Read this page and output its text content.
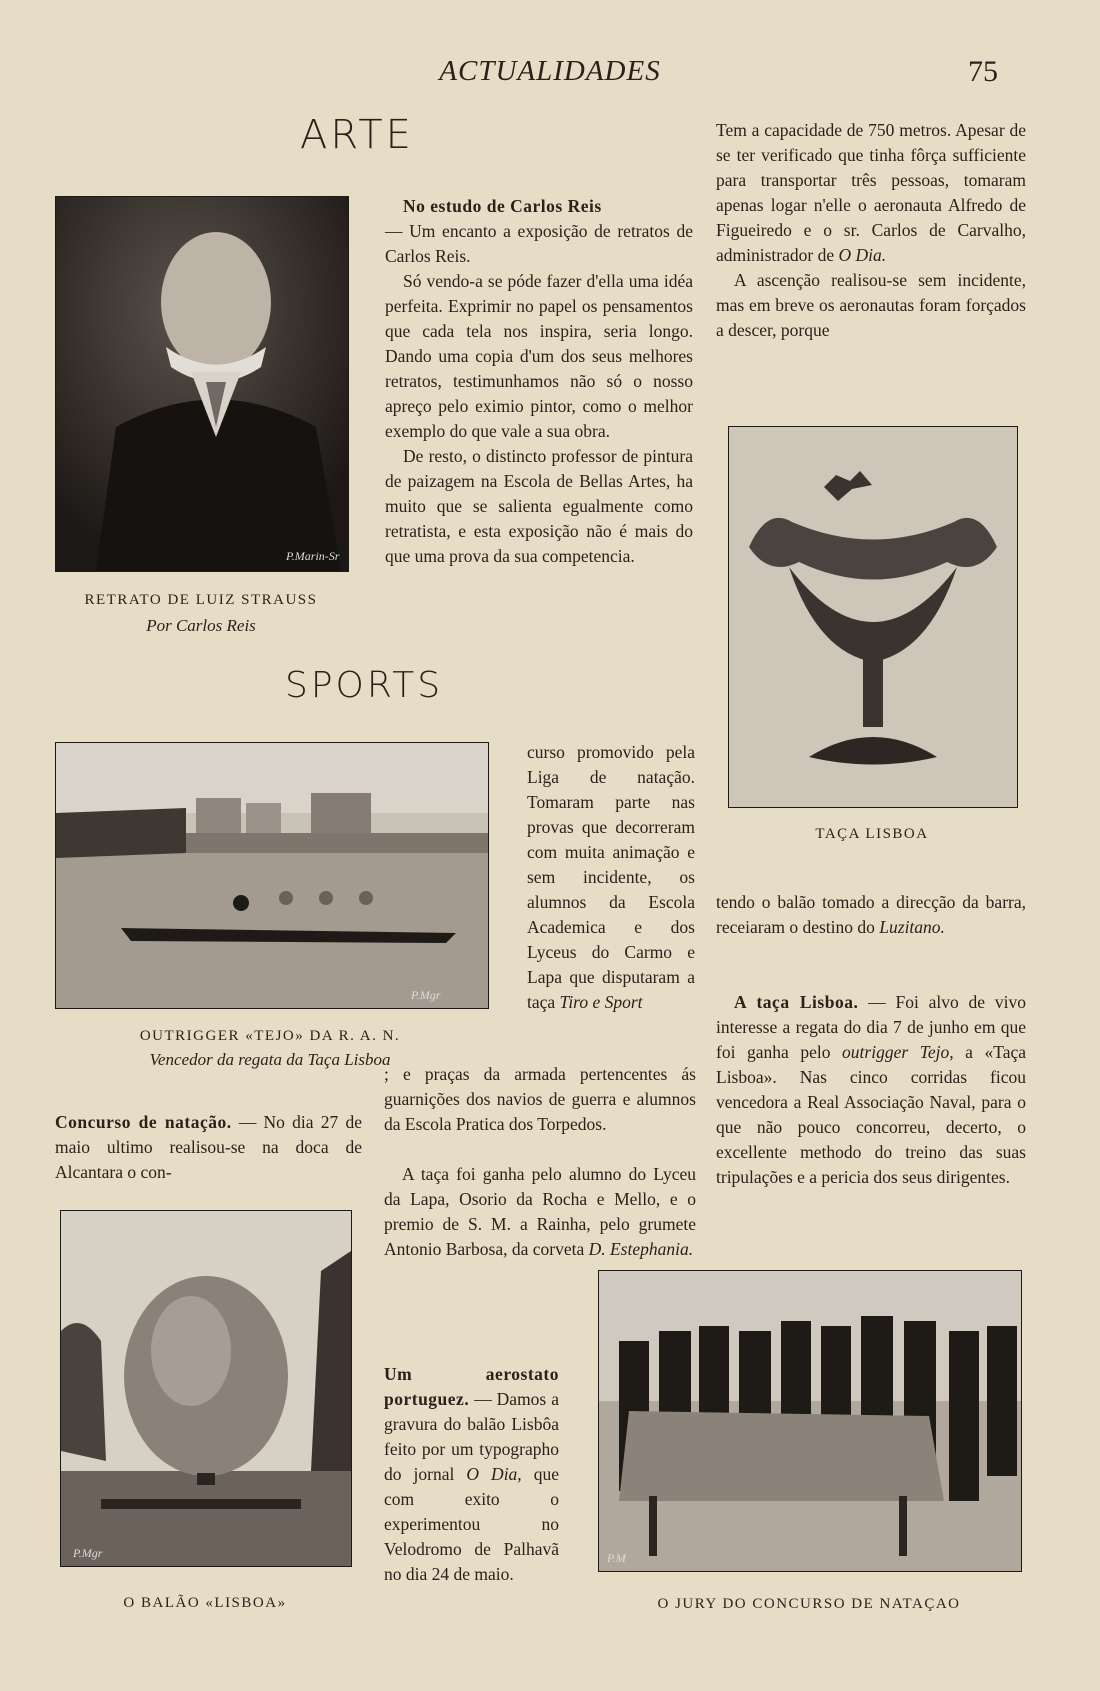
ACTUALIDADES	75
ARTE
P.Marin-Sr
RETRATO DE LUIZ STRAUSS
Por Carlos Reis

No estudo de Carlos Reis

— Um encanto a exposição de retratos de Carlos Reis.

Só vendo-a se póde fazer d'ella uma idéa perfeita. Exprimir no papel os pensamentos que cada tela nos inspira, seria longo. Dando uma copia d'um dos seus melhores retratos, testimunhamos não só o nosso apreço pelo eximio pintor, como o melhor exemplo do que vale a sua obra.

De resto, o distincto professor de pintura de paizagem na Escola de Bellas Artes, ha muito que se salienta egualmente como retratista, e esta exposição não é mais do que uma prova da sua competencia.

Tem a capacidade de 750 metros. Apesar de se ter verificado que tinha fôrça sufficiente para transportar três pessoas, tomaram apenas logar n'elle o aeronauta Alfredo de Figueiredo e o sr. Carlos de Carvalho, administrador de O Dia.

A ascenção realisou-se sem incidente, mas em breve os aeronautas foram forçados a descer, porque

TAÇA LISBOA
SPORTS
P.Mgr
OUTRIGGER «TEJO» DA R. A. N.
Vencedor da regata da Taça Lisboa

curso promovido pela Liga de natação. Tomaram parte nas provas que decorreram com muita animação e sem incidente, os alumnos da Escola Academica e dos Lyceus do Carmo e Lapa que disputaram a taça Tiro e Sport

Concurso de natação. — No dia 27 de maio ultimo realisou-se na doca de Alcantara o con-

; e praças da armada pertencentes ás guarnições dos navios de guerra e alumnos da Escola Pratica dos Torpedos.

A taça foi ganha pelo alumno do Lyceu da Lapa, Osorio da Rocha e Mello, e o premio de S. M. a Rainha, pelo grumete Antonio Barbosa, da corveta D. Estephania.

P.Mgr
O BALÃO «LISBOA»

Um aerostato portuguez. — Damos a gravura do balão Lisbôa feito por um typographo do jornal O Dia, que com exito o experimentou no Velodromo de Palhavã no dia 24 de maio.

tendo o balão tomado a direcção da barra, receiaram o destino do Luzitano.

A taça Lisboa. — Foi alvo de vivo interesse a regata do dia 7 de junho em que foi ganha pelo outrigger Tejo, a «Taça Lisboa». Nas cinco corridas ficou vencedora a Real Associação Naval, para o que não pouco concorreu, decerto, o excellente methodo do treino das suas tripulações e a pericia dos seus dirigentes.

P.M
O JURY DO CONCURSO DE NATAÇAO
